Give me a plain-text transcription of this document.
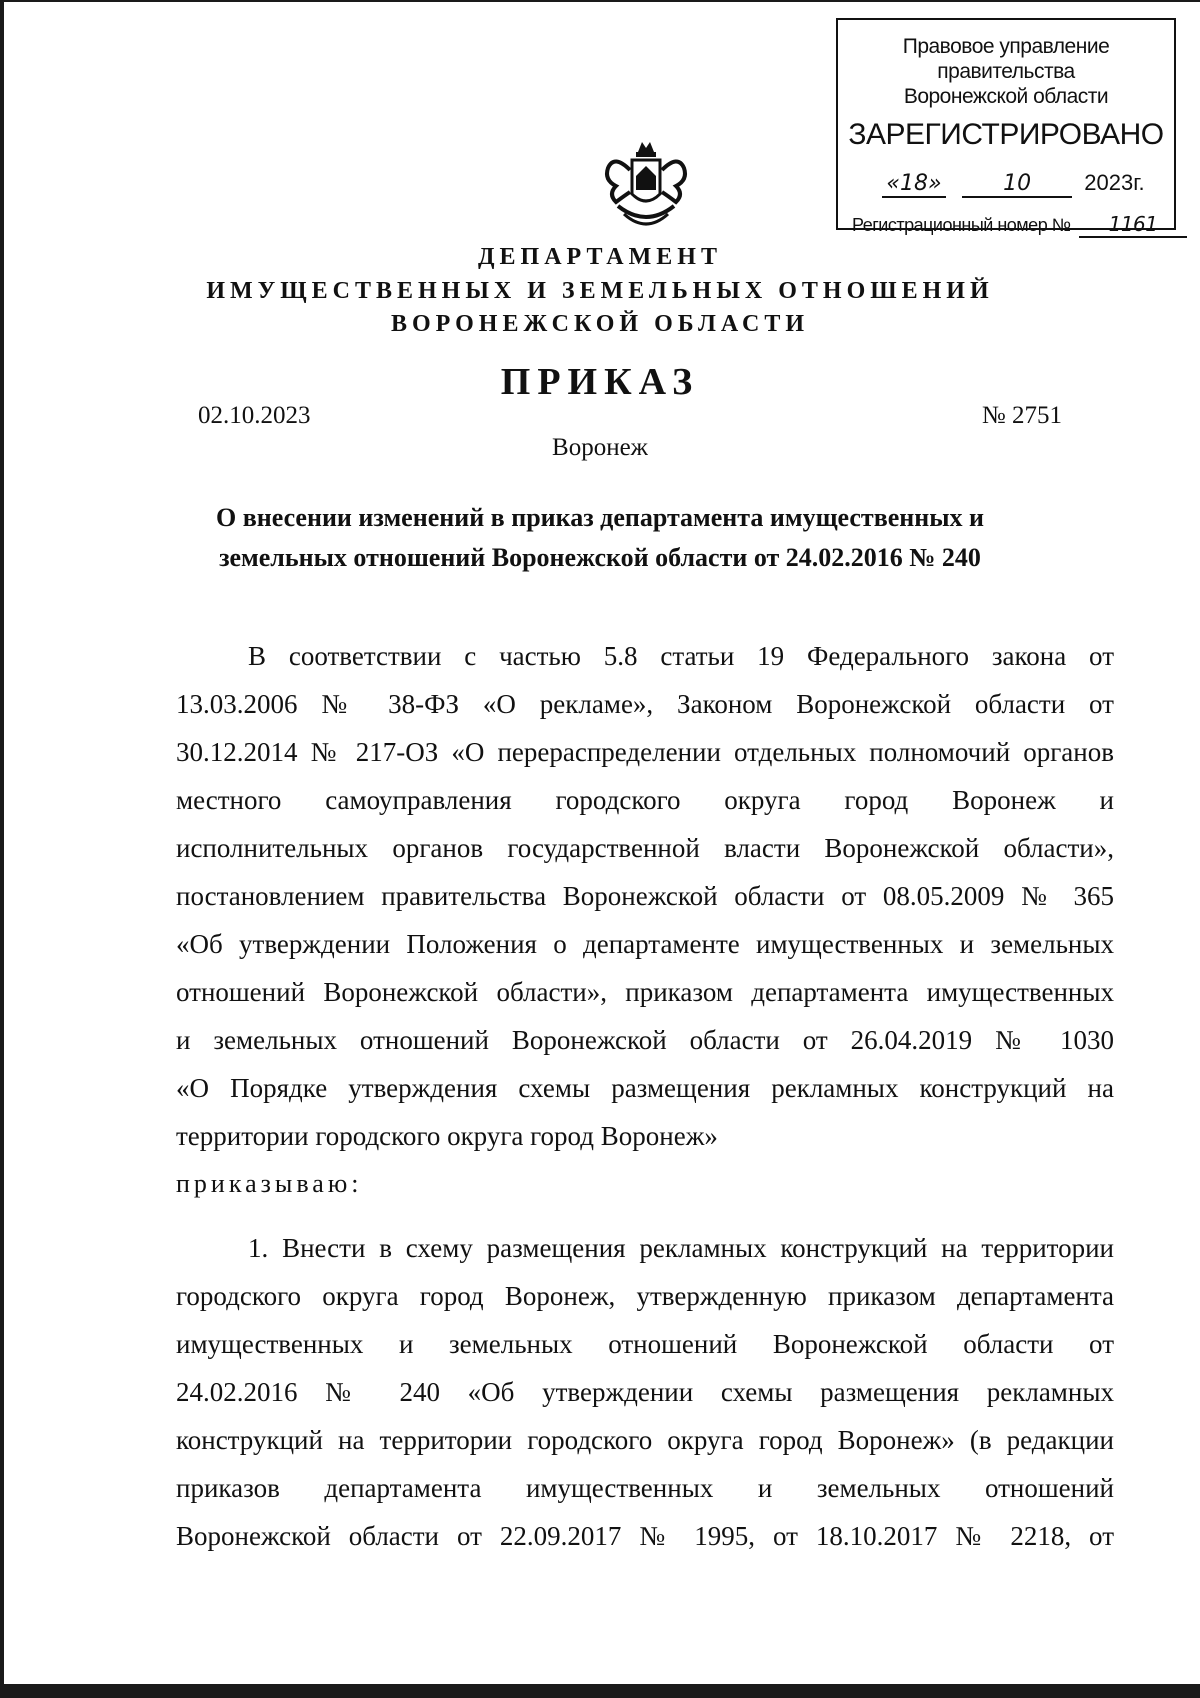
Правовое управление правительства
Воронежской области
ЗАРЕГИСТРИРОВАНО
«18»	10 2023г.
Регистрационный номер № 1161
ДЕПАРТАМЕНТ
ИМУЩЕСТВЕННЫХ И ЗЕМЕЛЬНЫХ ОТНОШЕНИЙ
ВОРОНЕЖСКОЙ ОБЛАСТИ
ПРИКАЗ
02.10.2023	№ 2751
Воронеж
О внесении изменений в приказ департамента имущественных и
земельных отношений Воронежской области от 24.02.2016 № 240

В соответствии с частью 5.8 статьи 19 Федерального закона от

13.03.2006 № 38-ФЗ «О рекламе», Законом Воронежской области от

30.12.2014 № 217-ОЗ «О перераспределении отдельных полномочий органов

местного самоуправления городского округа город Воронеж и

исполнительных органов государственной власти Воронежской области»,

постановлением правительства Воронежской области от 08.05.2009 № 365

«Об утверждении Положения о департаменте имущественных и земельных

отношений Воронежской области», приказом департамента имущественных

и земельных отношений Воронежской области от 26.04.2019 № 1030

«О Порядке утверждения схемы размещения рекламных конструкций на

территории городского округа город Воронеж»

приказываю:

1. Внести в схему размещения рекламных конструкций на территории

городского округа город Воронеж, утвержденную приказом департамента

имущественных и земельных отношений Воронежской области от

24.02.2016 № 240 «Об утверждении схемы размещения рекламных

конструкций на территории городского округа город Воронеж» (в редакции

приказов департамента имущественных и земельных отношений

Воронежской области от 22.09.2017 № 1995, от 18.10.2017 № 2218, от
